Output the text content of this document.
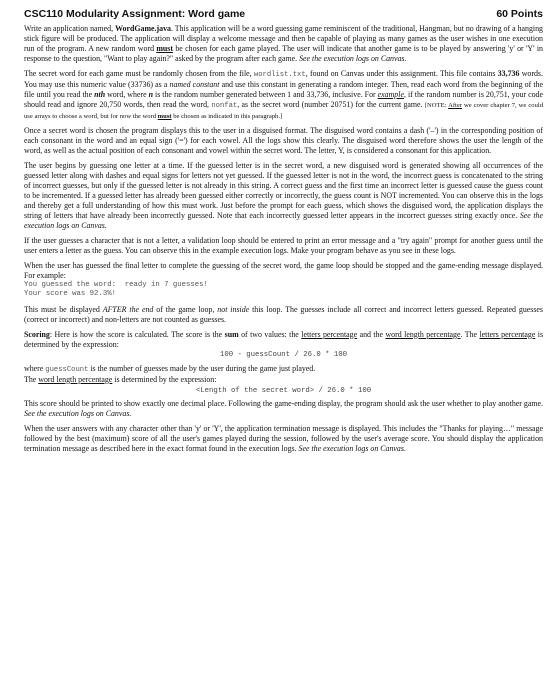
CSC110 Modularity Assignment: Word game	60 Points

Write an application named, WordGame.java. This application will be a word guessing game reminiscent of the traditional, Hangman, but no drawing of a hanging stick figure will be produced. The application will display a welcome message and then be capable of playing as many games as the user wishes in one execution run of the program. A new random word must be chosen for each game played. The user will indicate that another game is to be played by answering 'y' or 'Y' in response to the question, "Want to play again?" asked by the program after each game. See the execution logs on Canvas.

The secret word for each game must be randomly chosen from the file, wordlist.txt, found on Canvas under this assignment. This file contains 33,736 words. You may use this numeric value (33736) as a named constant and use this constant in generating a random integer. Then, read each word from the beginning of the file until you read the nth word, where n is the random number generated between 1 and 33,736, inclusive. For example, if the random number is 20,751, your code should read and ignore 20,750 words, then read the word, nonfat, as the secret word (number 20751) for the current game. [NOTE: After we cover chapter 7, we could use arrays to choose a word, but for now the word must be chosen as indicated in this paragraph.]

Once a secret word is chosen the program displays this to the user in a disguised format. The disguised word contains a dash ('–') in the corresponding position of each consonant in the word and an equal sign ('=') for each vowel. All the logs show this clearly. The disguised word therefore shows the user the length of the word, as well as the actual position of each consonant and vowel within the secret word. The letter, Y, is considered a consonant for this application.

The user begins by guessing one letter at a time. If the guessed letter is in the secret word, a new disguised word is generated showing all occurrences of the guessed letter along with dashes and equal signs for letters not yet guessed. If the guessed letter is not in the word, the incorrect guess is concatenated to the string of incorrect guesses, but only if the guessed letter is not already in this string. A correct guess and the first time an incorrect letter is guessed cause the guess count to be incremented. If a guessed letter has already been guessed either correctly or incorrectly, the guess count is NOT incremented. You can observe this in the logs and thereby get a full understanding of how this must work. Just before the prompt for each guess, which shows the disguised word, the application displays the string of letters that have already been incorrectly guessed. Note that each incorrectly guessed letter appears in the incorrect guesses string exactly once. See the execution logs on Canvas.

If the user guesses a character that is not a letter, a validation loop should be entered to print an error message and a "try again" prompt for another guess until the user enters a letter as the guess. You can observe this in the example execution logs. Make your program behave as you see in these logs.

When the user has guessed the final letter to complete the guessing of the secret word, the game loop should be stopped and the game-ending message displayed. For example:

You guessed the word:  ready in 7 guesses!
Your score was 92.3%!

This must be displayed AFTER the end of the game loop, not inside this loop. The guesses include all correct and incorrect letters guessed. Repeated guesses (correct or incorrect) and non-letters are not counted as guesses.

Scoring: Here is how the score is calculated. The score is the sum of two values: the letters percentage and the word length percentage. The letters percentage is determined by the expression:

100 - guessCount / 26.0 * 100

where guessCount is the number of guesses made by the user during the game just played.
The word length percentage is determined by the expression:

<Length of the secret word> / 26.0 * 100

This score should be printed to show exactly one decimal place. Following the game-ending display, the program should ask the user whether to play another game. See the execution logs on Canvas.

When the user answers with any character other than 'y' or 'Y', the application termination message is displayed. This includes the "Thanks for playing…" message followed by the best (maximum) score of all the user's games played during the session, followed by the user's average score. You should display the application termination message as described here in the exact format found in the execution logs. See the execution logs on Canvas.
